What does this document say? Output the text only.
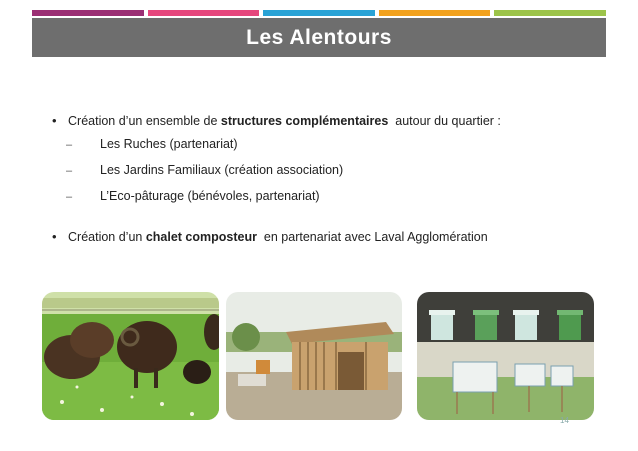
Les Alentours
• Création d’un ensemble de structures complémentaires  autour du quartier :
–	Les Ruches (partenariat)
–	Les Jardins Familiaux (création association)
–	L’Eco-pâturage (bénévoles, partenariat)
• Création d’un chalet composteur  en partenariat avec Laval Agglomération
14
